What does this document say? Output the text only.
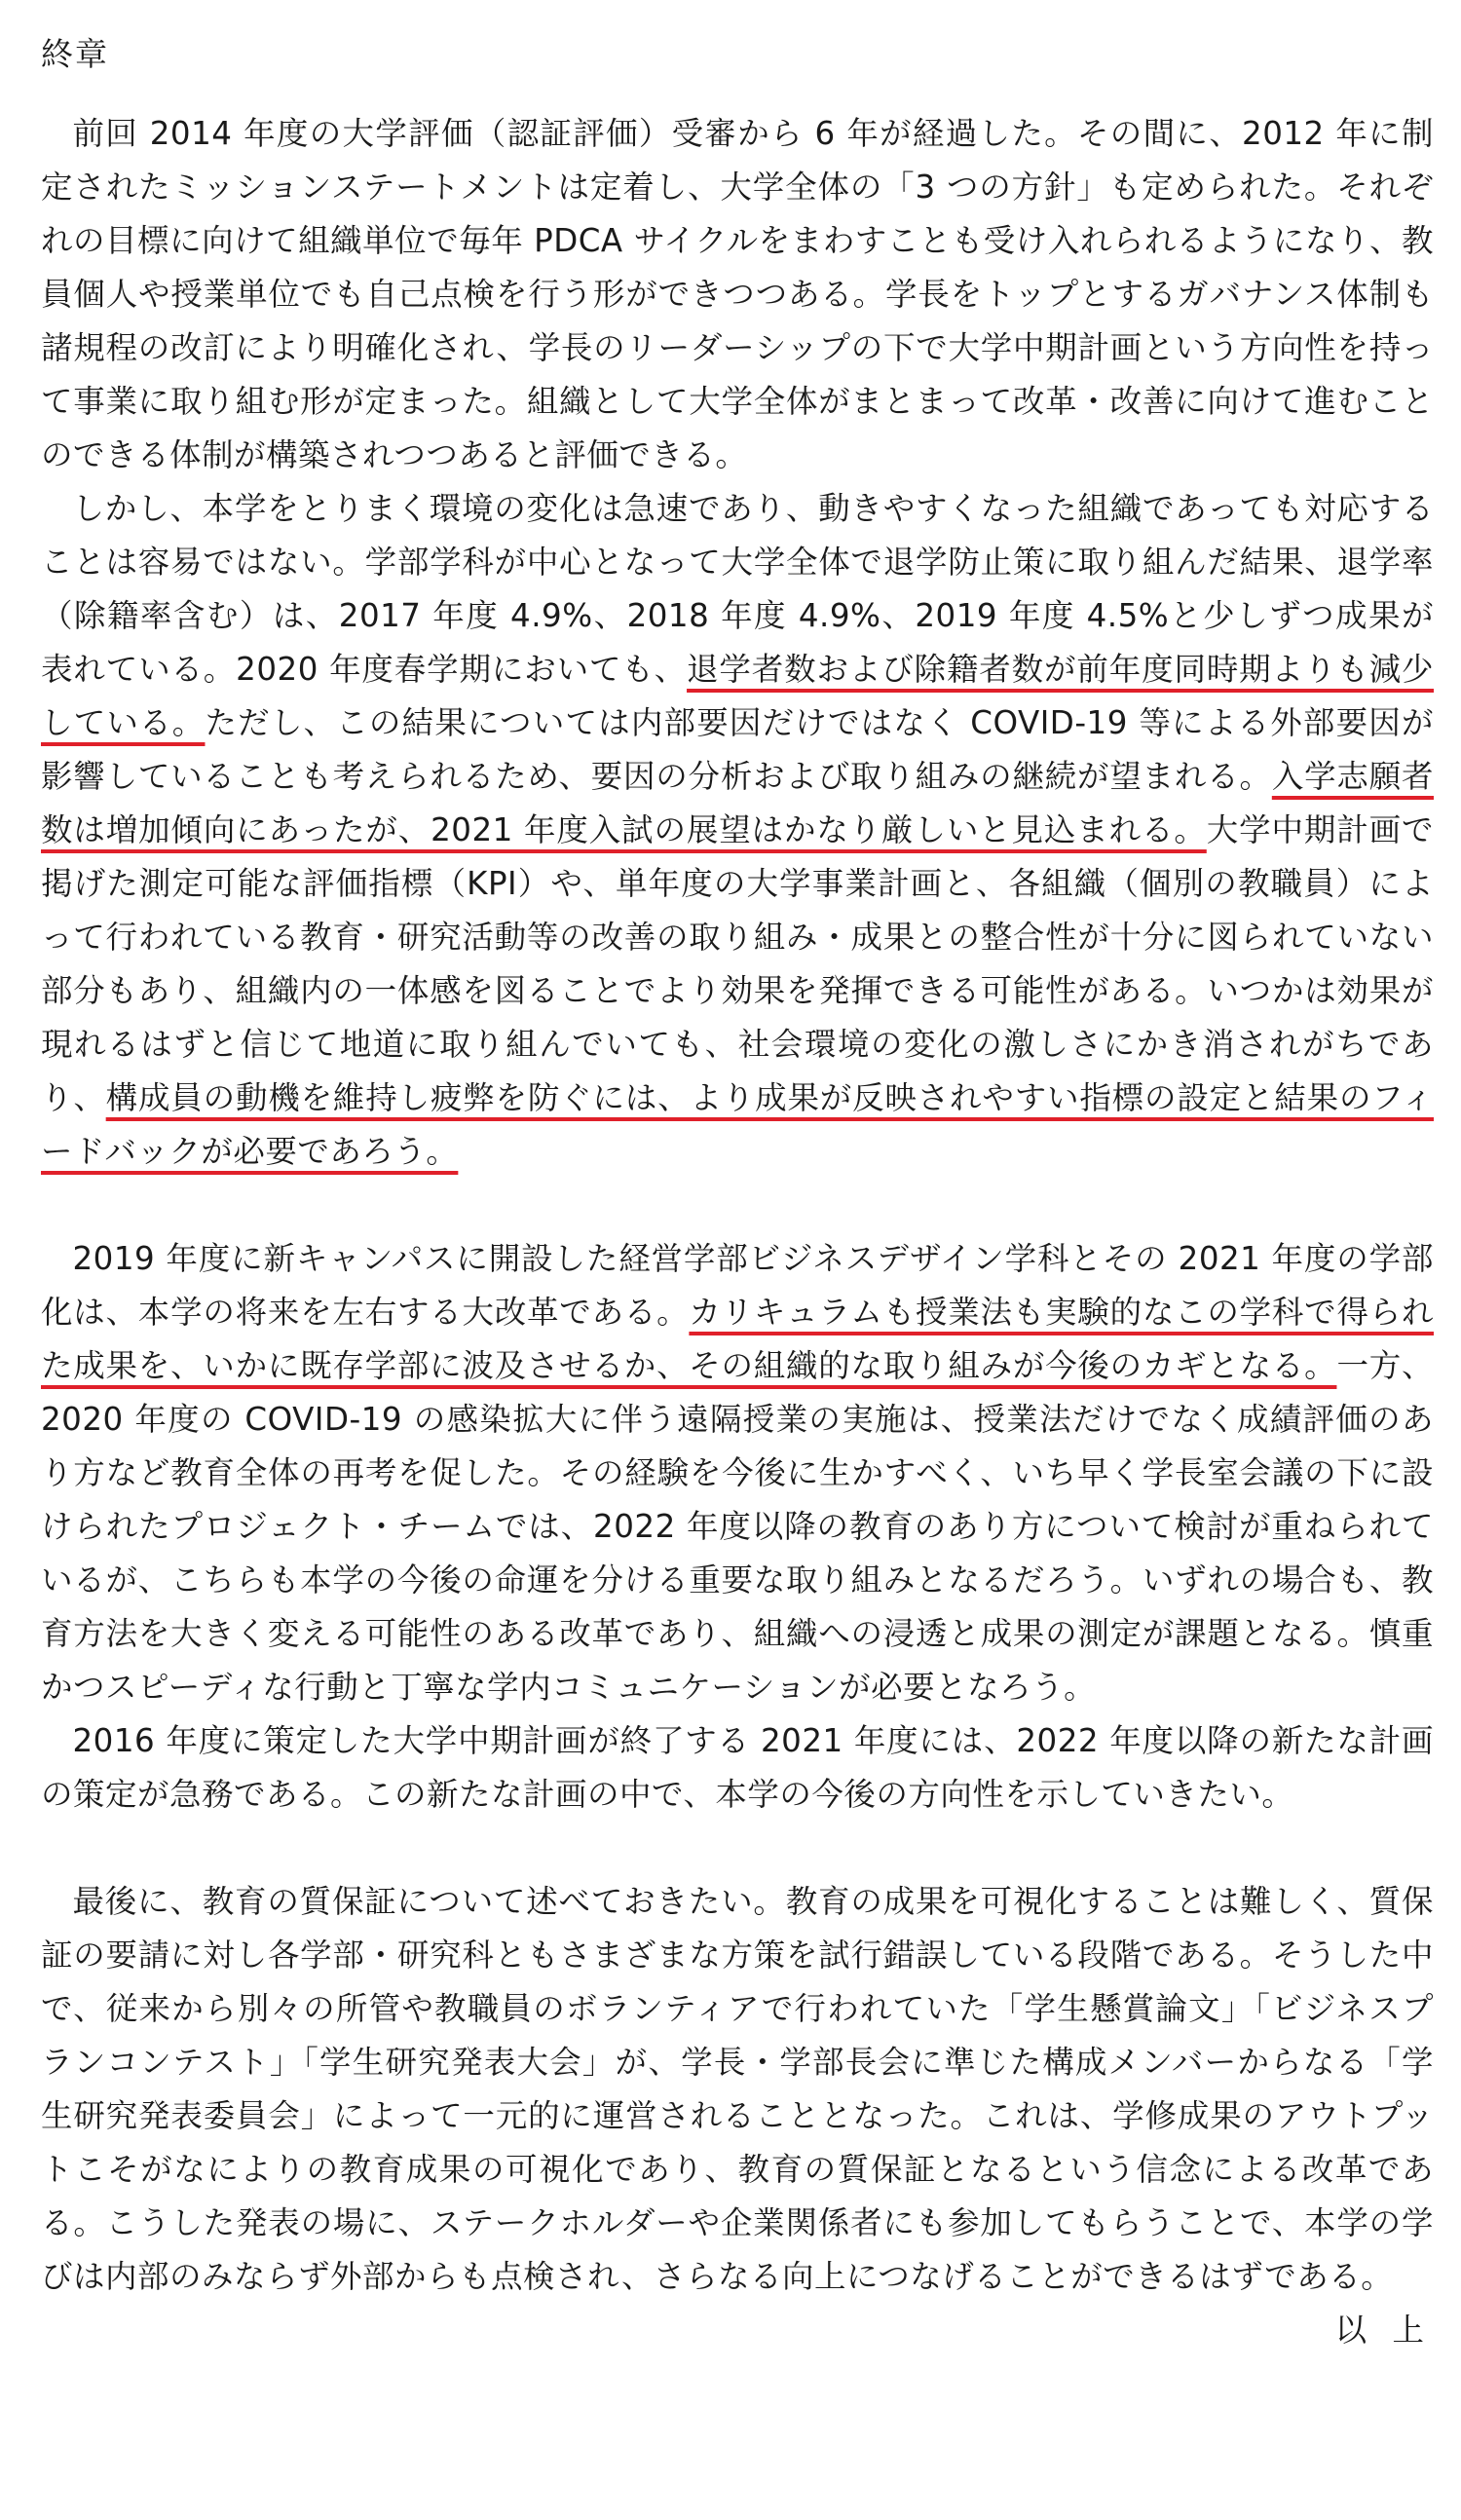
終章

前回 2014 年度の大学評価（認証評価）受審から 6 年が経過した。その間に、2012 年に制定されたミッションステートメントは定着し、大学全体の「3 つの方針」も定められた。それぞれの目標に向けて組織単位で毎年 PDCA サイクルをまわすことも受け入れられるようになり、教員個人や授業単位でも自己点検を行う形ができつつある。学長をトップとするガバナンス体制も諸規程の改訂により明確化され、学長のリーダーシップの下で大学中期計画という方向性を持って事業に取り組む形が定まった。組織として大学全体がまとまって改革・改善に向けて進むことのできる体制が構築されつつあると評価できる。

しかし、本学をとりまく環境の変化は急速であり、動きやすくなった組織であっても対応することは容易ではない。学部学科が中心となって大学全体で退学防止策に取り組んだ結果、退学率（除籍率含む）は、2017 年度 4.9%、2018 年度 4.9%、2019 年度 4.5%と少しずつ成果が表れている。2020 年度春学期においても、退学者数および除籍者数が前年度同時期よりも減少している。ただし、この結果については内部要因だけではなく COVID-19 等による外部要因が影響していることも考えられるため、要因の分析および取り組みの継続が望まれる。入学志願者数は増加傾向にあったが、2021 年度入試の展望はかなり厳しいと見込まれる。大学中期計画で掲げた測定可能な評価指標（KPI）や、単年度の大学事業計画と、各組織（個別の教職員）によって行われている教育・研究活動等の改善の取り組み・成果との整合性が十分に図られていない部分もあり、組織内の一体感を図ることでより効果を発揮できる可能性がある。いつかは効果が現れるはずと信じて地道に取り組んでいても、社会環境の変化の激しさにかき消されがちであり、構成員の動機を維持し疲弊を防ぐには、より成果が反映されやすい指標の設定と結果のフィードバックが必要であろう。

2019 年度に新キャンパスに開設した経営学部ビジネスデザイン学科とその 2021 年度の学部化は、本学の将来を左右する大改革である。カリキュラムも授業法も実験的なこの学科で得られた成果を、いかに既存学部に波及させるか、その組織的な取り組みが今後のカギとなる。一方、2020 年度の COVID-19 の感染拡大に伴う遠隔授業の実施は、授業法だけでなく成績評価のあり方など教育全体の再考を促した。その経験を今後に生かすべく、いち早く学長室会議の下に設けられたプロジェクト・チームでは、2022 年度以降の教育のあり方について検討が重ねられているが、こちらも本学の今後の命運を分ける重要な取り組みとなるだろう。いずれの場合も、教育方法を大きく変える可能性のある改革であり、組織への浸透と成果の測定が課題となる。慎重かつスピーディな行動と丁寧な学内コミュニケーションが必要となろう。

2016 年度に策定した大学中期計画が終了する 2021 年度には、2022 年度以降の新たな計画の策定が急務である。この新たな計画の中で、本学の今後の方向性を示していきたい。

最後に、教育の質保証について述べておきたい。教育の成果を可視化することは難しく、質保証の要請に対し各学部・研究科ともさまざまな方策を試行錯誤している段階である。そうした中で、従来から別々の所管や教職員のボランティアで行われていた「学生懸賞論文」「ビジネスプランコンテスト」「学生研究発表大会」が、学長・学部長会に準じた構成メンバーからなる「学生研究発表委員会」によって一元的に運営されることとなった。これは、学修成果のアウトプットこそがなによりの教育成果の可視化であり、教育の質保証となるという信念による改革である。こうした発表の場に、ステークホルダーや企業関係者にも参加してもらうことで、本学の学びは内部のみならず外部からも点検され、さらなる向上につなげることができるはずである。

以 上
